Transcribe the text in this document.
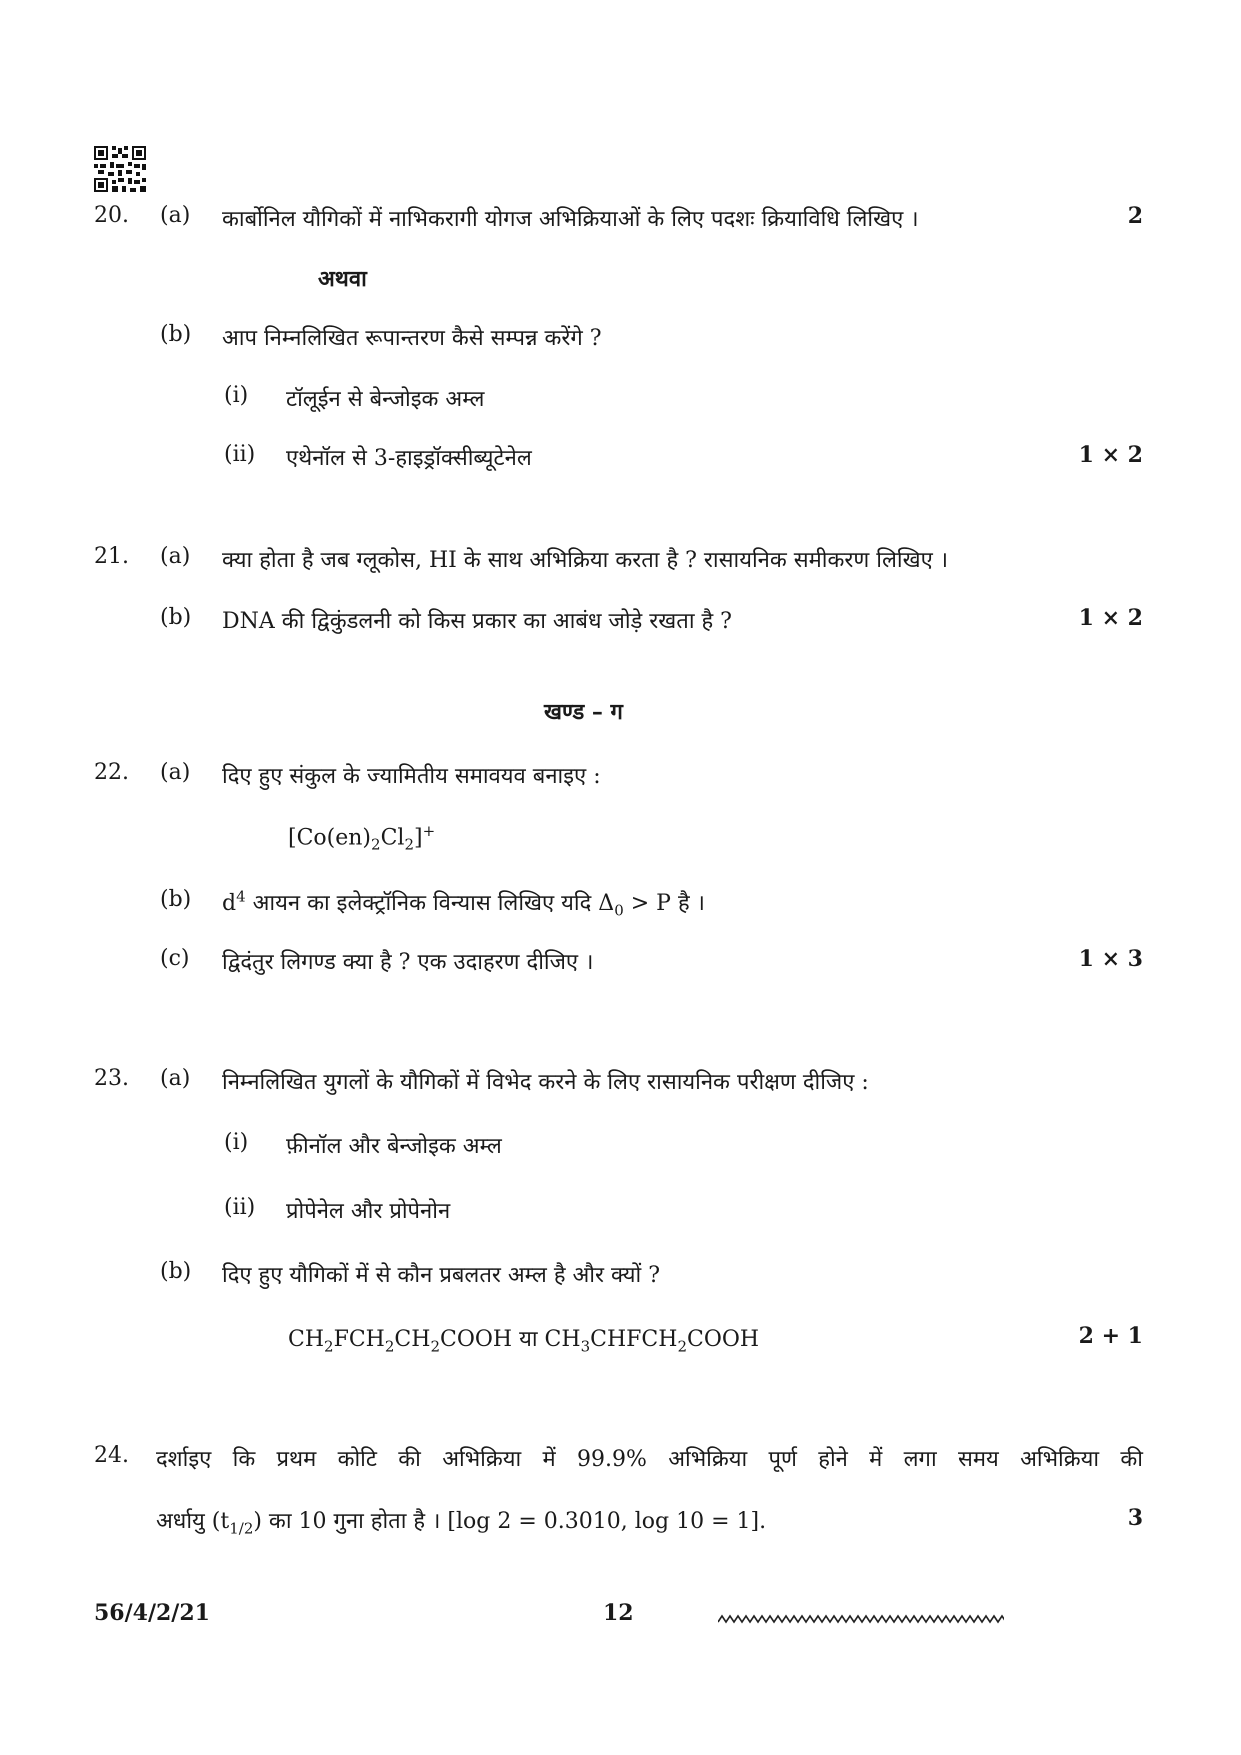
20. (a) कार्बोनिल यौगिकों में नाभिकरागी योगज अभिक्रियाओं के लिए पदशः क्रियाविधि लिखिए ।	2
अथवा
(b) आप निम्नलिखित रूपान्तरण कैसे सम्पन्न करेंगे ?
(i) टॉलूईन से बेन्जोइक अम्ल
(ii) एथेनॉल से 3-हाइड्रॉक्सीब्यूटेनेल	1 × 2
21. (a) क्या होता है जब ग्लूकोस, HI के साथ अभिक्रिया करता है ? रासायनिक समीकरण लिखिए ।
(b) DNA की द्विकुंडलनी को किस प्रकार का आबंध जोड़े रखता है ?	1 × 2
खण्ड – ग
22. (a) दिए हुए संकुल के ज्यामितीय समावयव बनाइए :
$[Co(en)_2Cl_2]^+$
(b) $d^4$ आयन का इलेक्ट्रॉनिक विन्यास लिखिए यदि $\Delta_0 > P$ है ।
(c) द्विदंतुर लिगण्ड क्या है ? एक उदाहरण दीजिए ।	1 × 3
23. (a) निम्नलिखित युगलों के यौगिकों में विभेद करने के लिए रासायनिक परीक्षण दीजिए :
(i) फ़ीनॉल और बेन्जोइक अम्ल
(ii) प्रोपेनेल और प्रोपेनोन
(b) दिए हुए यौगिकों में से कौन प्रबलतर अम्ल है और क्यों ?
$CH_2FCH_2CH_2COOH$ या $CH_3CHFCH_2COOH$	2 + 1
24. दर्शाइए कि प्रथम कोटि की अभिक्रिया में 99.9% अभिक्रिया पूर्ण होने में लगा समय अभिक्रिया की
अर्धायु $(t_{1/2})$ का 10 गुना होता है । [log 2 = 0.3010, log 10 = 1].	3
56/4/2/21	12
